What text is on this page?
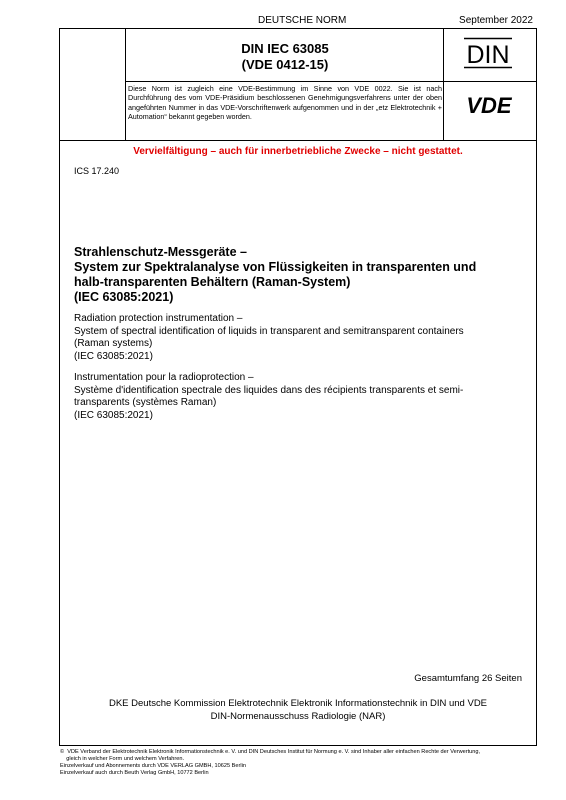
DEUTSCHE NORM	September 2022
DIN IEC 63085
(VDE 0412-15)	DIN
VDE
Diese Norm ist zugleich eine VDE-Bestimmung im Sinne von VDE 0022. Sie ist nach Durchführung des vom VDE-Präsidium beschlossenen Genehmigungsverfahrens unter der oben angeführten Nummer in das VDE-Vorschriftenwerk aufgenommen und in der „etz Elektrotechnik + Automation“ bekannt gegeben worden.
Vervielfältigung – auch für innerbetriebliche Zwecke – nicht gestattet.
ICS 17.240
Strahlenschutz-Messgeräte –
System zur Spektralanalyse von Flüssigkeiten in transparenten und
halb-transparenten Behältern (Raman-System)
(IEC 63085:2021)
Radiation protection instrumentation –
System of spectral identification of liquids in transparent and semitransparent containers
(Raman systems)
(IEC 63085:2021)
Instrumentation pour la radioprotection –
Système d'identification spectrale des liquides dans des récipients transparents et semi-
transparents (systèmes Raman)
(IEC 63085:2021)
Gesamtumfang 26 Seiten
DKE Deutsche Kommission Elektrotechnik Elektronik Informationstechnik in DIN und VDE
DIN-Normenausschuss Radiologie (NAR)
©  VDE Verband der Elektrotechnik Elektronik Informationstechnik e. V. und DIN Deutsches Institut für Normung e. V. sind Inhaber aller einfachen Rechte der Verwertung,
gleich in welcher Form und welchem Verfahren.
Einzelverkauf und Abonnements durch VDE VERLAG GMBH, 10625 Berlin
Einzelverkauf auch durch Beuth Verlag GmbH, 10772 Berlin
